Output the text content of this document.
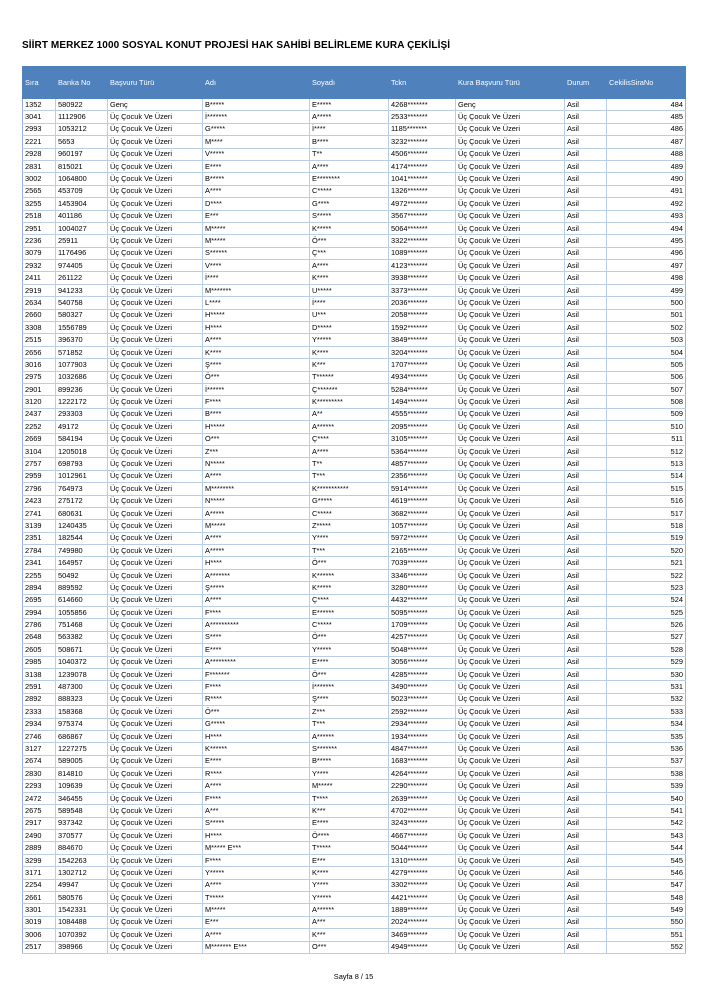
SİİRT MERKEZ 1000 SOSYAL KONUT PROJESİ HAK SAHİBİ BELİRLEME KURA ÇEKİLİŞİ
Sıra	Banka No	Başvuru Türü	Adı	Soyadı	Tckn	Kura Başvuru Türü	Durum	CekilisSiraNo
1352	580922	Genç	B*****	E*****	4268*******	Genç	Asil	484
3041	1112906	Üç Çocuk Ve Üzeri	İ*******	A*****	2533*******	Üç Çocuk Ve Üzeri	Asil	485
2993	1053212	Üç Çocuk Ve Üzeri	G*****	İ****	1185*******	Üç Çocuk Ve Üzeri	Asil	486
2221	5653	Üç Çocuk Ve Üzeri	M****	B****	3232*******	Üç Çocuk Ve Üzeri	Asil	487
2928	960197	Üç Çocuk Ve Üzeri	V*****	T**	4506*******	Üç Çocuk Ve Üzeri	Asil	488
2831	815021	Üç Çocuk Ve Üzeri	E****	A****	4174*******	Üç Çocuk Ve Üzeri	Asil	489
3002	1064800	Üç Çocuk Ve Üzeri	B*****	E********	1041*******	Üç Çocuk Ve Üzeri	Asil	490
2565	453709	Üç Çocuk Ve Üzeri	A****	C*****	1326*******	Üç Çocuk Ve Üzeri	Asil	491
3255	1453904	Üç Çocuk Ve Üzeri	D****	G****	4972*******	Üç Çocuk Ve Üzeri	Asil	492
2518	401186	Üç Çocuk Ve Üzeri	E***	S*****	3567*******	Üç Çocuk Ve Üzeri	Asil	493
2951	1004027	Üç Çocuk Ve Üzeri	M*****	K*****	5064*******	Üç Çocuk Ve Üzeri	Asil	494
2236	25911	Üç Çocuk Ve Üzeri	M*****	Ö***	3322*******	Üç Çocuk Ve Üzeri	Asil	495
3079	1176496	Üç Çocuk Ve Üzeri	S******	Ç***	1089*******	Üç Çocuk Ve Üzeri	Asil	496
2932	974405	Üç Çocuk Ve Üzeri	V****	A****	4123*******	Üç Çocuk Ve Üzeri	Asil	497
2411	261122	Üç Çocuk Ve Üzeri	İ****	K****	3938*******	Üç Çocuk Ve Üzeri	Asil	498
2919	941233	Üç Çocuk Ve Üzeri	M*******	U*****	3373*******	Üç Çocuk Ve Üzeri	Asil	499
2634	540758	Üç Çocuk Ve Üzeri	L****	İ****	2036*******	Üç Çocuk Ve Üzeri	Asil	500
2660	580327	Üç Çocuk Ve Üzeri	H*****	U***	2058*******	Üç Çocuk Ve Üzeri	Asil	501
3308	1556789	Üç Çocuk Ve Üzeri	H****	D*****	1592*******	Üç Çocuk Ve Üzeri	Asil	502
2515	396370	Üç Çocuk Ve Üzeri	A****	Y*****	3849*******	Üç Çocuk Ve Üzeri	Asil	503
2656	571852	Üç Çocuk Ve Üzeri	K****	K****	3204*******	Üç Çocuk Ve Üzeri	Asil	504
3016	1077903	Üç Çocuk Ve Üzeri	Ş****	K***	1707*******	Üç Çocuk Ve Üzeri	Asil	505
2975	1032686	Üç Çocuk Ve Üzeri	Ö***	T******	4934*******	Üç Çocuk Ve Üzeri	Asil	506
2901	899236	Üç Çocuk Ve Üzeri	İ******	Ç*******	5284*******	Üç Çocuk Ve Üzeri	Asil	507
3120	1222172	Üç Çocuk Ve Üzeri	F****	K*********	1494*******	Üç Çocuk Ve Üzeri	Asil	508
2437	293303	Üç Çocuk Ve Üzeri	B****	A**	4555*******	Üç Çocuk Ve Üzeri	Asil	509
2252	49172	Üç Çocuk Ve Üzeri	H*****	A******	2095*******	Üç Çocuk Ve Üzeri	Asil	510
2669	584194	Üç Çocuk Ve Üzeri	O***	Ç****	3105*******	Üç Çocuk Ve Üzeri	Asil	511
3104	1205018	Üç Çocuk Ve Üzeri	Z***	A****	5364*******	Üç Çocuk Ve Üzeri	Asil	512
2757	698793	Üç Çocuk Ve Üzeri	N*****	T**	4857*******	Üç Çocuk Ve Üzeri	Asil	513
2959	1012961	Üç Çocuk Ve Üzeri	A****	T***	2356*******	Üç Çocuk Ve Üzeri	Asil	514
2796	764973	Üç Çocuk Ve Üzeri	M********	K***********	5914*******	Üç Çocuk Ve Üzeri	Asil	515
2423	275172	Üç Çocuk Ve Üzeri	N*****	G*****	4619*******	Üç Çocuk Ve Üzeri	Asil	516
2741	680631	Üç Çocuk Ve Üzeri	A*****	C*****	3682*******	Üç Çocuk Ve Üzeri	Asil	517
3139	1240435	Üç Çocuk Ve Üzeri	M*****	Z*****	1057*******	Üç Çocuk Ve Üzeri	Asil	518
2351	182544	Üç Çocuk Ve Üzeri	A****	Y****	5972*******	Üç Çocuk Ve Üzeri	Asil	519
2784	749980	Üç Çocuk Ve Üzeri	A*****	T***	2165*******	Üç Çocuk Ve Üzeri	Asil	520
2341	164957	Üç Çocuk Ve Üzeri	H****	Ö***	7039*******	Üç Çocuk Ve Üzeri	Asil	521
2255	50492	Üç Çocuk Ve Üzeri	A*******	K******	3346*******	Üç Çocuk Ve Üzeri	Asil	522
2894	889592	Üç Çocuk Ve Üzeri	Ş*****	K*****	3280*******	Üç Çocuk Ve Üzeri	Asil	523
2695	614660	Üç Çocuk Ve Üzeri	A****	Ç****	4432*******	Üç Çocuk Ve Üzeri	Asil	524
2994	1055856	Üç Çocuk Ve Üzeri	F****	E******	5095*******	Üç Çocuk Ve Üzeri	Asil	525
2786	751468	Üç Çocuk Ve Üzeri	A**********	C*****	1709*******	Üç Çocuk Ve Üzeri	Asil	526
2648	563382	Üç Çocuk Ve Üzeri	S****	Ö***	4257*******	Üç Çocuk Ve Üzeri	Asil	527
2605	508671	Üç Çocuk Ve Üzeri	E****	Y*****	5048*******	Üç Çocuk Ve Üzeri	Asil	528
2985	1040372	Üç Çocuk Ve Üzeri	A*********	E****	3056*******	Üç Çocuk Ve Üzeri	Asil	529
3138	1239078	Üç Çocuk Ve Üzeri	F*******	Ö***	4285*******	Üç Çocuk Ve Üzeri	Asil	530
2591	487300	Üç Çocuk Ve Üzeri	F****	İ*******	3490*******	Üç Çocuk Ve Üzeri	Asil	531
2892	888323	Üç Çocuk Ve Üzeri	R****	Ş****	5023*******	Üç Çocuk Ve Üzeri	Asil	532
2333	158368	Üç Çocuk Ve Üzeri	Ö***	Z***	2592*******	Üç Çocuk Ve Üzeri	Asil	533
2934	975374	Üç Çocuk Ve Üzeri	G*****	T***	2934*******	Üç Çocuk Ve Üzeri	Asil	534
2746	686867	Üç Çocuk Ve Üzeri	H****	A******	1934*******	Üç Çocuk Ve Üzeri	Asil	535
3127	1227275	Üç Çocuk Ve Üzeri	K******	S*******	4847*******	Üç Çocuk Ve Üzeri	Asil	536
2674	589005	Üç Çocuk Ve Üzeri	E****	B*****	1683*******	Üç Çocuk Ve Üzeri	Asil	537
2830	814810	Üç Çocuk Ve Üzeri	R****	Y****	4264*******	Üç Çocuk Ve Üzeri	Asil	538
2293	109639	Üç Çocuk Ve Üzeri	A****	M*****	2290*******	Üç Çocuk Ve Üzeri	Asil	539
2472	346455	Üç Çocuk Ve Üzeri	F****	T****	2639*******	Üç Çocuk Ve Üzeri	Asil	540
2675	589548	Üç Çocuk Ve Üzeri	A***	K***	4702*******	Üç Çocuk Ve Üzeri	Asil	541
2917	937342	Üç Çocuk Ve Üzeri	S*****	E****	3243*******	Üç Çocuk Ve Üzeri	Asil	542
2490	370577	Üç Çocuk Ve Üzeri	H****	Ö****	4667*******	Üç Çocuk Ve Üzeri	Asil	543
2889	884670	Üç Çocuk Ve Üzeri	M***** E***	T*****	5044*******	Üç Çocuk Ve Üzeri	Asil	544
3299	1542263	Üç Çocuk Ve Üzeri	F****	E***	1310*******	Üç Çocuk Ve Üzeri	Asil	545
3171	1302712	Üç Çocuk Ve Üzeri	Y*****	K****	4279*******	Üç Çocuk Ve Üzeri	Asil	546
2254	49947	Üç Çocuk Ve Üzeri	A****	Y****	3302*******	Üç Çocuk Ve Üzeri	Asil	547
2661	580576	Üç Çocuk Ve Üzeri	T*****	Y*****	4421*******	Üç Çocuk Ve Üzeri	Asil	548
3301	1542331	Üç Çocuk Ve Üzeri	M*****	A******	1889*******	Üç Çocuk Ve Üzeri	Asil	549
3019	1084488	Üç Çocuk Ve Üzeri	E***	A***	2024*******	Üç Çocuk Ve Üzeri	Asil	550
3006	1070392	Üç Çocuk Ve Üzeri	A****	K***	3469*******	Üç Çocuk Ve Üzeri	Asil	551
2517	398966	Üç Çocuk Ve Üzeri	M******* E***	O***	4949*******	Üç Çocuk Ve Üzeri	Asil	552
Sayfa 8 / 15
